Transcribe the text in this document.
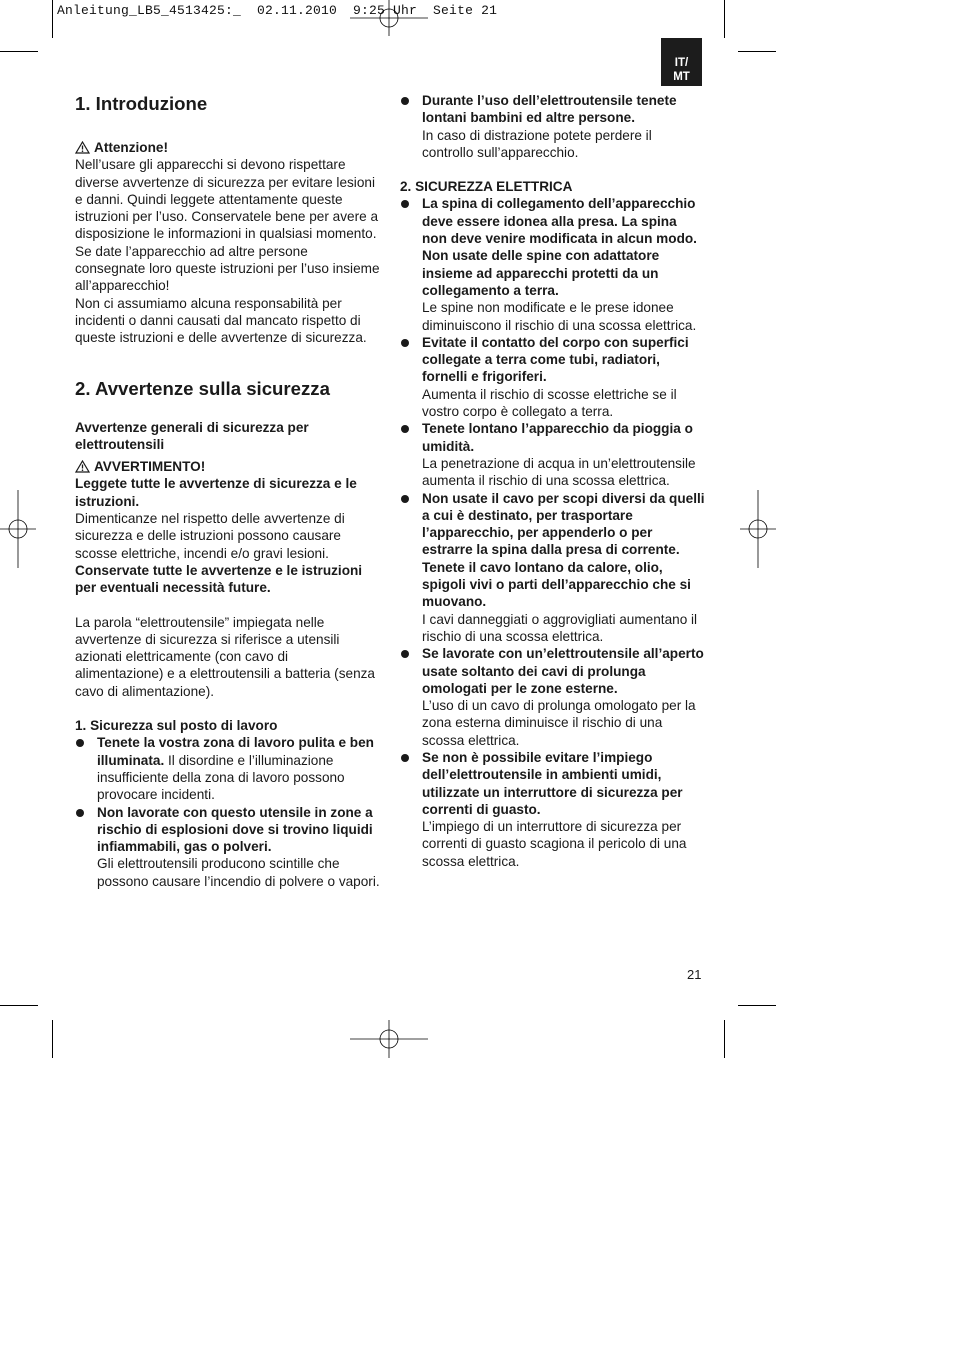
Anleitung_LB5_4513425:_  02.11.2010  9:25 Uhr  Seite 21
IT/
MT
1. Introduzione
Attenzione!

Nell’usare gli apparecchi si devono rispettare diverse avvertenze di sicurezza per evitare lesioni e danni. Quindi leggete attentamente queste istruzioni per l’uso. Conservatele bene per avere a disposizione le informazioni in qualsiasi momento. Se date l’apparecchio ad altre persone consegnate loro queste istruzioni per l’uso insieme all’apparecchio!

Non ci assumiamo alcuna responsabilità per incidenti o danni causati dal mancato rispetto di queste istruzioni e delle avvertenze di sicurezza.

2. Avvertenze sulla sicurezza

Avvertenze generali di sicurezza per elettroutensili

AVVERTIMENTO!

Leggete tutte le avvertenze di sicurezza e le istruzioni.

Dimenticanze nel rispetto delle avvertenze di sicurezza e delle istruzioni possono causare scosse elettriche, incendi e/o gravi lesioni.

Conservate tutte le avvertenze e le istruzioni per eventuali necessità future.

La parola “elettroutensile” impiegata nelle avvertenze di sicurezza si riferisce a utensili azionati elettricamente (con cavo di alimentazione) e a elettroutensili a batteria (senza cavo di alimentazione).

1. Sicurezza sul posto di lavoro

Tenete la vostra zona di lavoro pulita e ben illuminata. Il disordine e l’illuminazione insufficiente della zona di lavoro possono provocare incidenti.

Non lavorate con questo utensile in zone a rischio di esplosioni dove si trovino liquidi infiammabili, gas o polveri.

Gli elettroutensili producono scintille che possono causare l’incendio di polvere o vapori.

Durante l’uso dell’elettroutensile tenete lontani bambini ed altre persone.

In caso di distrazione potete perdere il controllo sull’apparecchio.

2. SICUREZZA ELETTRICA

La spina di collegamento dell’apparecchio deve essere idonea alla presa. La spina non deve venire modificata in alcun modo. Non usate delle spine con adattatore insieme ad apparecchi protetti da un collegamento a terra.

Le spine non modificate e le prese idonee diminuiscono il rischio di una scossa elettrica.

Evitate il contatto del corpo con superfici collegate a terra come tubi, radiatori, fornelli e frigoriferi.

Aumenta il rischio di scosse elettriche se il vostro corpo è collegato a terra.

Tenete lontano l’apparecchio da pioggia o umidità.

La penetrazione di acqua in un’elettroutensile aumenta il rischio di una scossa elettrica.

Non usate il cavo per scopi diversi da quelli a cui è destinato, per trasportare l’apparecchio, per appenderlo o per estrarre la spina dalla presa di corrente. Tenete il cavo lontano da calore, olio, spigoli vivi o parti dell’apparecchio che si muovano.

I cavi danneggiati o aggrovigliati aumentano il rischio di una scossa elettrica.

Se lavorate con un’elettroutensile all’aperto usate soltanto dei cavi di prolunga omologati per le zone esterne.

L’uso di un cavo di prolunga omologato per la zona esterna diminuisce il rischio di una scossa elettrica.

Se non è possibile evitare l’impiego dell’elettroutensile in ambienti umidi, utilizzate un interruttore di sicurezza per correnti di guasto.

L’impiego di un interruttore di sicurezza per correnti di guasto scagiona il pericolo di una scossa elettrica.

21
